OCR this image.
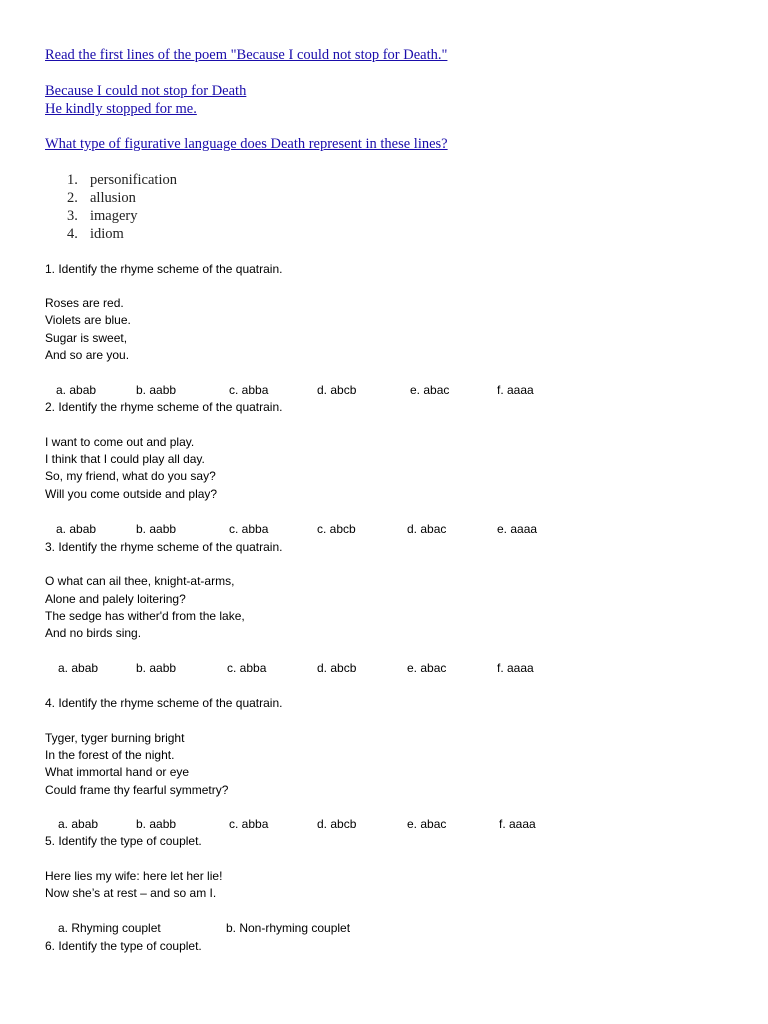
Read the first lines of the poem "Because I could not stop for Death."
Because I could not stop for Death
He kindly stopped for me.
What type of figurative language does Death represent in these lines?
1. personification
2. allusion
3. imagery
4. idiom
1. Identify the rhyme scheme of the quatrain.
Roses are red.
Violets are blue.
Sugar is sweet,
And so are you.
a. abab	b. aabb	c. abba	d. abcb	e. abac	f. aaaa
2. Identify the rhyme scheme of the quatrain.
I want to come out and play.
I think that I could play all day.
So, my friend, what do you say?
Will you come outside and play?
a. abab	b. aabb	c. abba	c. abcb	d. abac	e. aaaa
3. Identify the rhyme scheme of the quatrain.
O what can ail thee, knight-at-arms,
Alone and palely loitering?
The sedge has wither'd from the lake,
And no birds sing.
a. abab	b. aabb	c. abba	d. abcb	e. abac	f. aaaa
4. Identify the rhyme scheme of the quatrain.
Tyger, tyger burning bright
In the forest of the night.
What immortal hand or eye
Could frame thy fearful symmetry?
a. abab	b. aabb	c. abba	d. abcb	e. abac	f. aaaa
5. Identify the type of couplet.
Here lies my wife: here let her lie!
Now she’s at rest – and so am I.
a. Rhyming couplet	b. Non-rhyming couplet
6. Identify the type of couplet.
